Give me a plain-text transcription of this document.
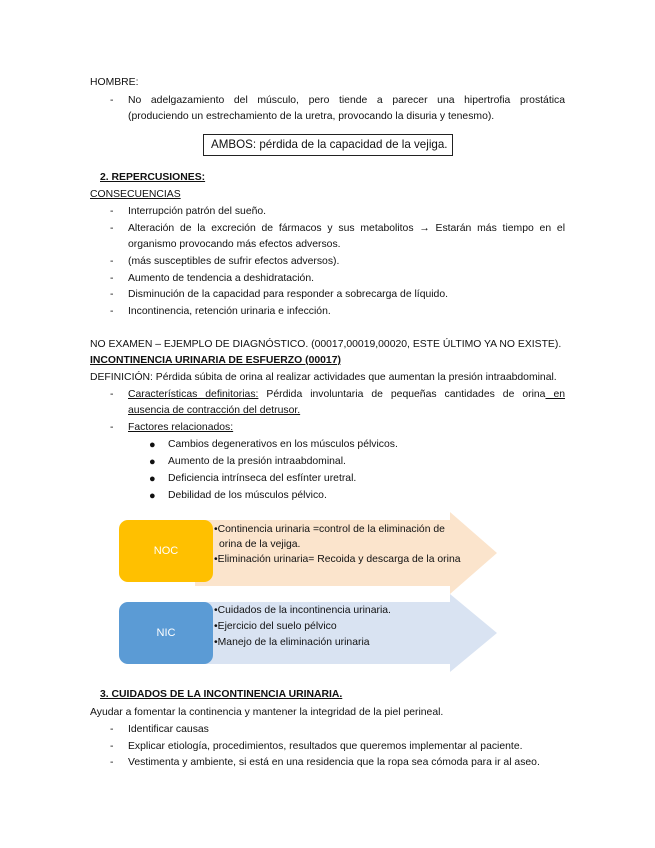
HOMBRE:
- No adelgazamiento del músculo, pero tiende a parecer una hipertrofia prostática
(produciendo un estrechamiento de la uretra, provocando la disuria y tenesmo).
AMBOS: pérdida de la capacidad de la vejiga.
2. REPERCUSIONES:
CONSECUENCIAS
- Interrupción patrón del sueño.
- Alteración de la excreción de fármacos y sus metabolitos → Estarán más tiempo en el
organismo provocando más efectos adversos.
- (más susceptibles de sufrir efectos adversos).
- Aumento de tendencia a deshidratación.
- Disminución de la capacidad para responder a sobrecarga de líquido.
- Incontinencia, retención urinaria e infección.
NO EXAMEN – EJEMPLO DE DIAGNÓSTICO. (00017,00019,00020, ESTE ÚLTIMO YA NO EXISTE).
INCONTINENCIA URINARIA DE ESFUERZO (00017)
DEFINICIÓN: Pérdida súbita de orina al realizar actividades que aumentan la presión intraabdominal.
- Características definitorias: Pérdida involuntaria de pequeñas cantidades de orina en
ausencia de contracción del detrusor.
- Factores relacionados:
● Cambios degenerativos en los músculos pélvicos.
● Aumento de la presión intraabdominal.
● Deficiencia intrínseca del esfínter uretral.
● Debilidad de los músculos pélvico.
NOC
•Continencia urinaria =control de la eliminación de
orina de la vejiga.
•Eliminación urinaria= Recoida y descarga de la orina
NIC
•Cuidados de la incontinencia urinaria.
•Ejercicio del suelo pélvico
•Manejo de la eliminación urinaria
3. CUIDADOS DE LA INCONTINENCIA URINARIA.
Ayudar a fomentar la continencia y mantener la integridad de la piel perineal.
- Identificar causas
- Explicar etiología, procedimientos, resultados que queremos implementar al paciente.
- Vestimenta y ambiente, si está en una residencia que la ropa sea cómoda para ir al aseo.
